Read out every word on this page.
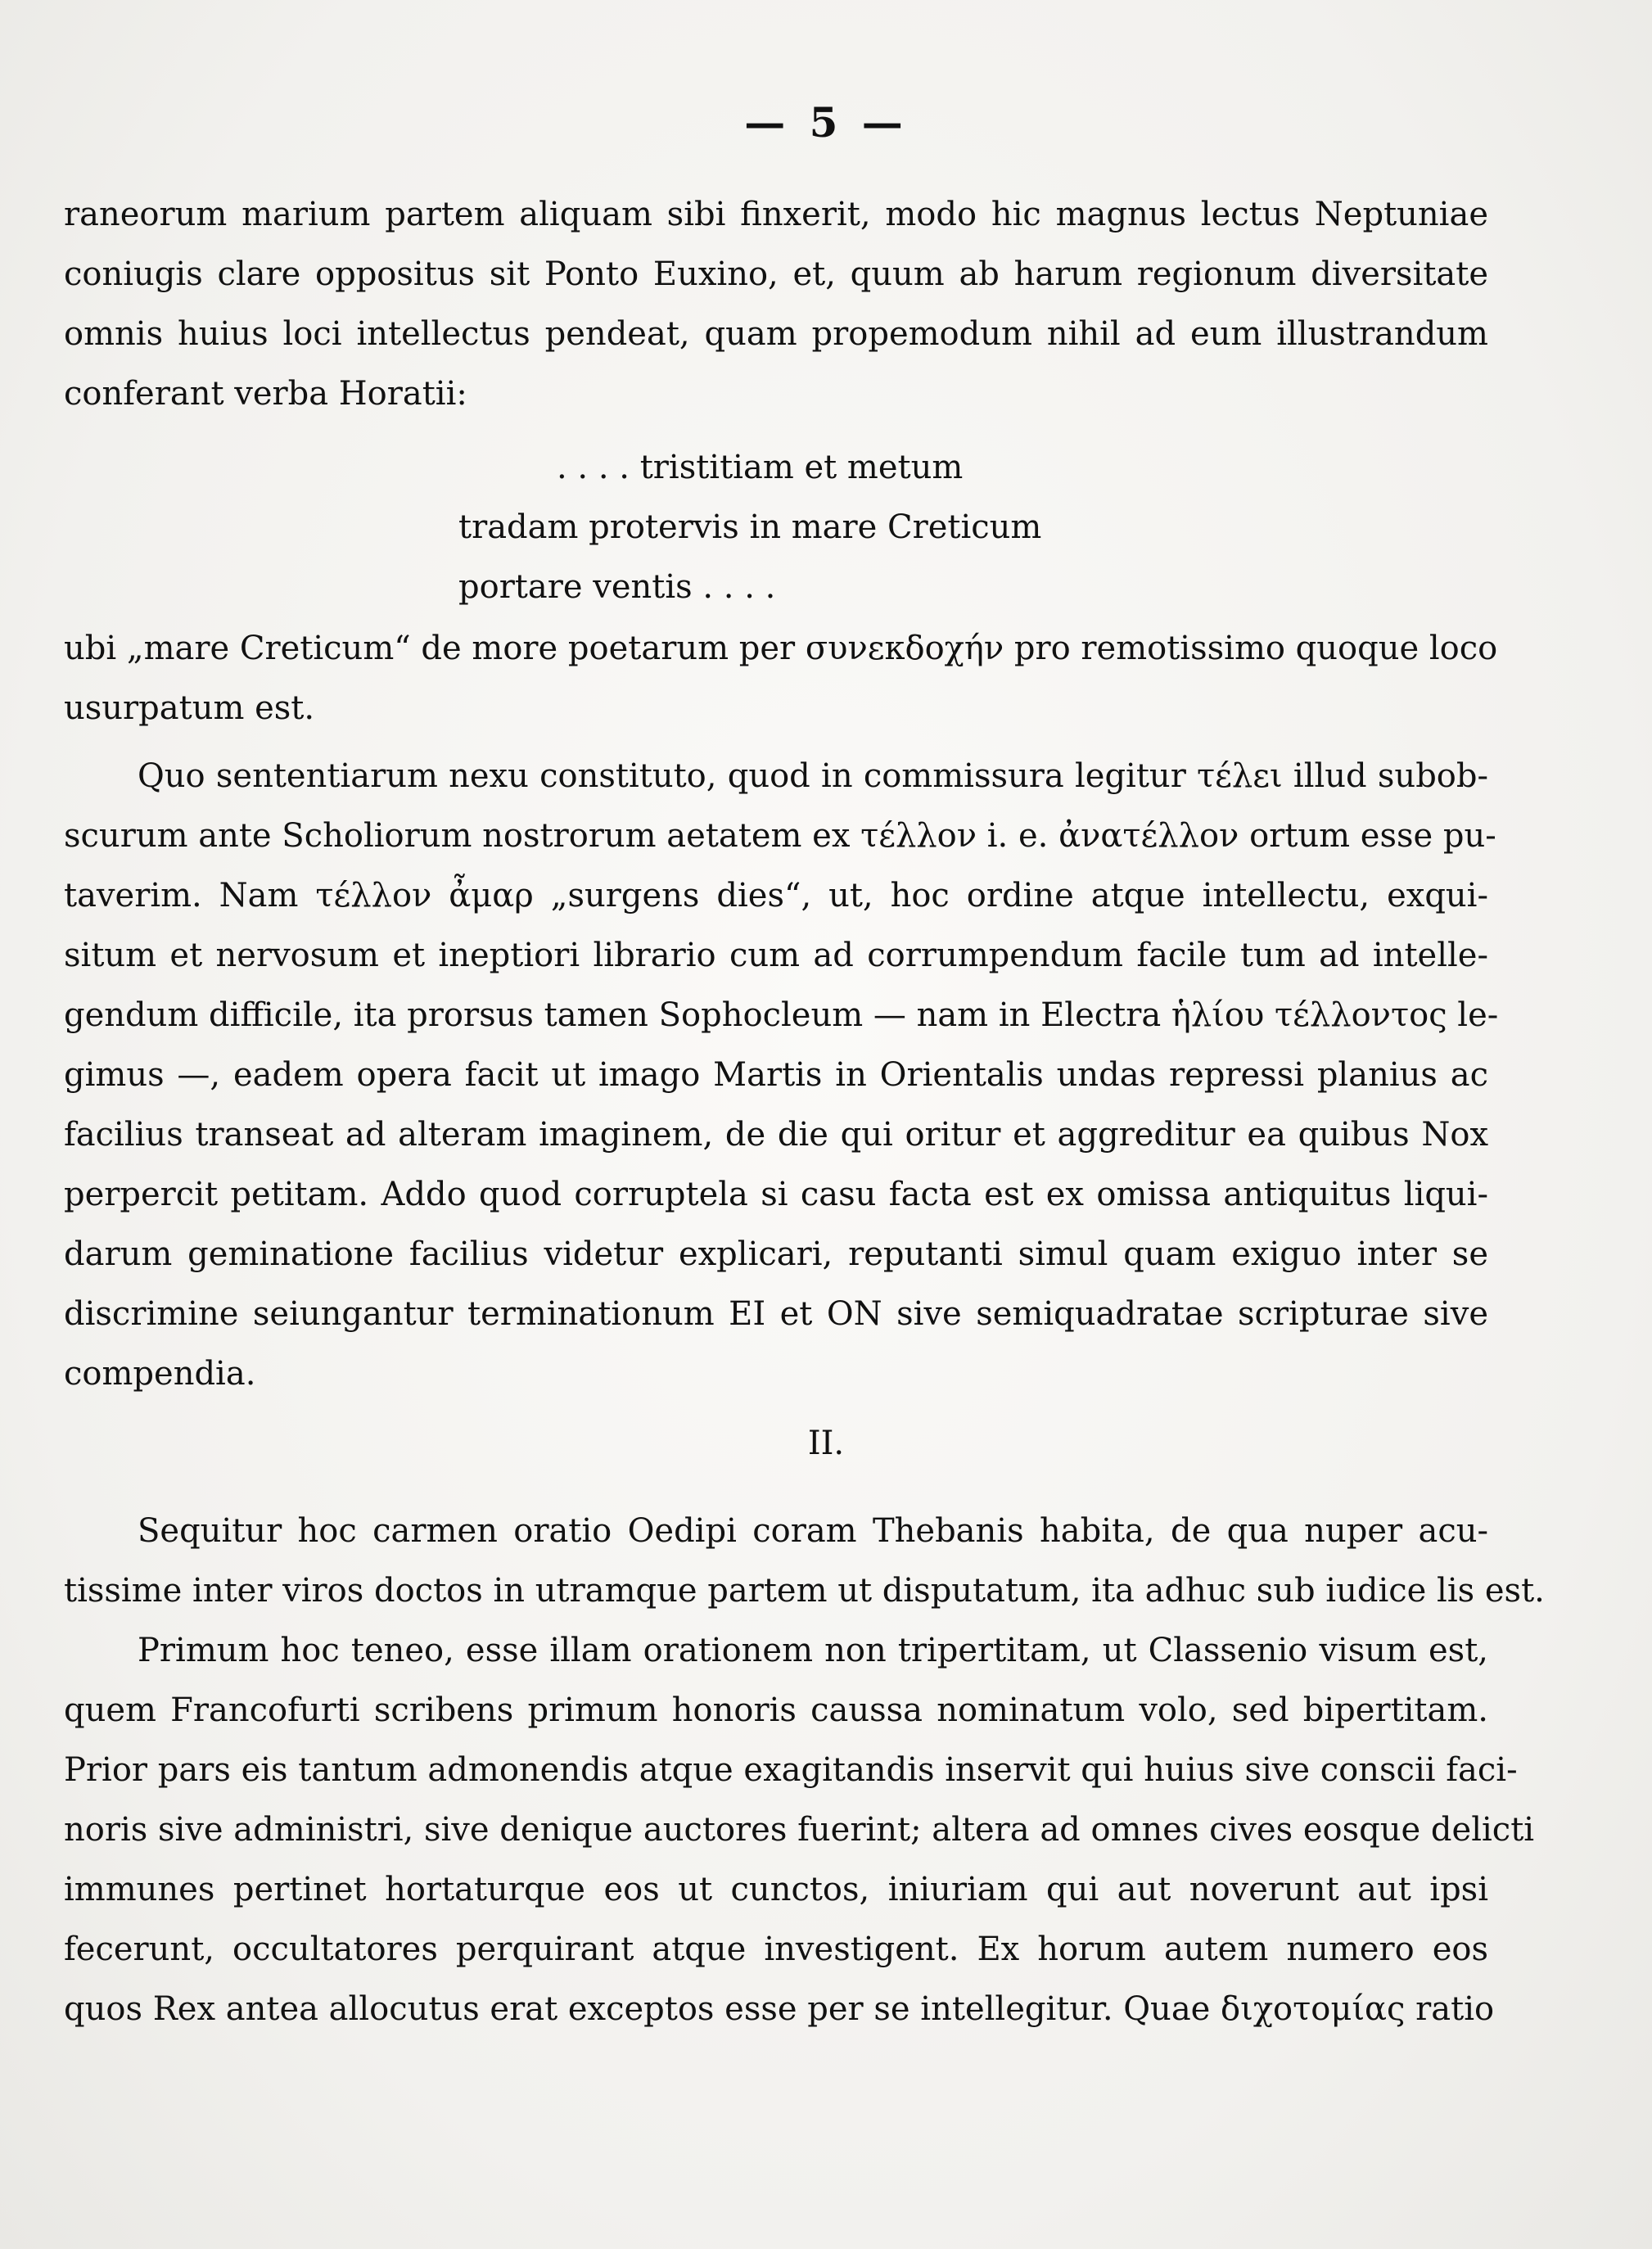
— 5 —

raneorum marium partem aliquam sibi finxerit, modo hic magnus lectus Neptuniae
coniugis clare oppositus sit Ponto Euxino, et, quum ab harum regionum diversitate
omnis huius loci intellectus pendeat, quam propemodum nihil ad eum illustrandum
conferant verba Horatii:

. . . . tristitiam et metum
tradam protervis in mare Creticum
portare ventis . . . .

ubi „mare Creticum“ de more poetarum per συνεκδοχήν pro remotissimo quoque loco
usurpatum est.

Quo sententiarum nexu constituto, quod in commissura legitur τέλει illud subob-
scurum ante Scholiorum nostrorum aetatem ex τέλλον i. e. ἀνατέλλον ortum esse pu-
taverim. Nam τέλλον ἆμαρ „surgens dies“, ut, hoc ordine atque intellectu, exqui-
situm et nervosum et ineptiori librario cum ad corrumpendum facile tum ad intelle-
gendum difficile, ita prorsus tamen Sophocleum — nam in Electra ἡλίου τέλλοντος le-
gimus —, eadem opera facit ut imago Martis in Orientalis undas repressi planius ac
facilius transeat ad alteram imaginem, de die qui oritur et aggreditur ea quibus Nox
perpercit petitam. Addo quod corruptela si casu facta est ex omissa antiquitus liqui-
darum geminatione facilius videtur explicari, reputanti simul quam exiguo inter se
discrimine seiungantur terminationum EI et ON sive semiquadratae scripturae sive
compendia.

II.

Sequitur hoc carmen oratio Oedipi coram Thebanis habita, de qua nuper acu-
tissime inter viros doctos in utramque partem ut disputatum, ita adhuc sub iudice lis est.

Primum hoc teneo, esse illam orationem non tripertitam, ut Classenio visum est,
quem Francofurti scribens primum honoris caussa nominatum volo, sed bipertitam.
Prior pars eis tantum admonendis atque exagitandis inservit qui huius sive conscii faci-
noris sive administri, sive denique auctores fuerint; altera ad omnes cives eosque delicti
immunes pertinet hortaturque eos ut cunctos, iniuriam qui aut noverunt aut ipsi
fecerunt, occultatores perquirant atque investigent. Ex horum autem numero eos
quos Rex antea allocutus erat exceptos esse per se intellegitur. Quae διχοτομίας ratio
